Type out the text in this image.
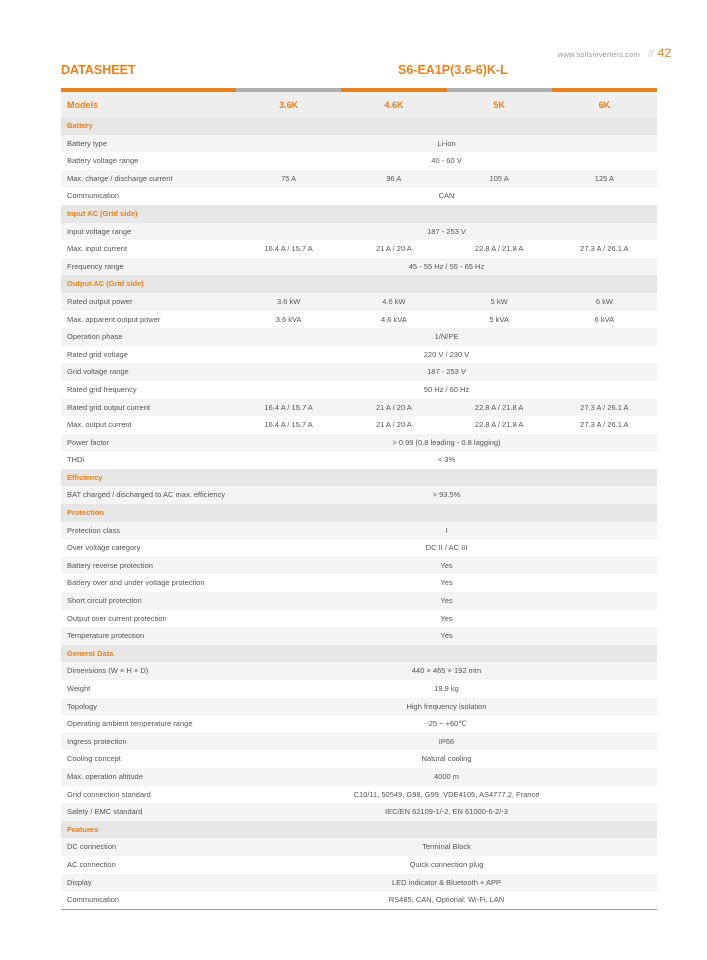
www.solisinverters.com // 42
DATASHEET	S6-EA1P(3.6-6)K-L
Models	3.6K	4.6K	5K	6K
Battery
Battery type	Li-ion
Battery voltage range	40 - 60 V
Max. charge / discharge current	75 A	96 A	105 A	125 A
Communication	CAN
Input AC (Grid side)
Input voltage range	187 - 253 V
Max. input current	16.4 A / 15.7 A	21 A / 20 A	22.8 A / 21.8 A	27.3 A / 26.1 A
Frequency range	45 - 55 Hz / 55 - 65 Hz
Output AC (Grid side)
Rated output power	3.6 kW	4.6 kW	5 kW	6 kW
Max. apparent output power	3.6 kVA	4.6 kVA	5 kVA	6 kVA
Operation phase	1/N/PE
Rated grid voltage	220 V / 230 V
Grid voltage range	187 - 253 V
Rated grid frequency	50 Hz / 60 Hz
Rated grid output current	16.4 A / 15.7 A	21 A / 20 A	22.8 A / 21.8 A	27.3 A / 26.1 A
Max. output current	16.4 A / 15.7 A	21 A / 20 A	22.8 A / 21.8 A	27.3 A / 26.1 A
Power factor	> 0.99 (0.8 leading - 0.8 lagging)
THDi	< 3%
Efficiency
BAT charged / discharged to AC max. efficiency	> 93.5%
Protection
Protection class	I
Over voltage category	DC II / AC III
Battery reverse protection	Yes
Battery over and under voltage protection	Yes
Short circuit protection	Yes
Output over current protection	Yes
Temperature protection	Yes
General Data
Dimensions (W × H × D)	440 × 465 × 192 mm
Weight	19.9 kg
Topology	High frequency isolation
Operating ambient temperature range	-25 ~ +60℃
Ingress protection	IP66
Cooling concept	Natural cooling
Max. operation altitude	4000 m
Grid connection standard	C10/11, 50549, G98, G99, VDE4105, AS4777.2, France
Safety / EMC standard	IEC/EN 62109-1/-2, EN 61000-6-2/-3
Features
DC connection	Terminal Block
AC connection	Quick connection plug
Display	LED indicator & Bluetooth + APP
Communication	RS485, CAN, Optional: Wi-Fi, LAN
